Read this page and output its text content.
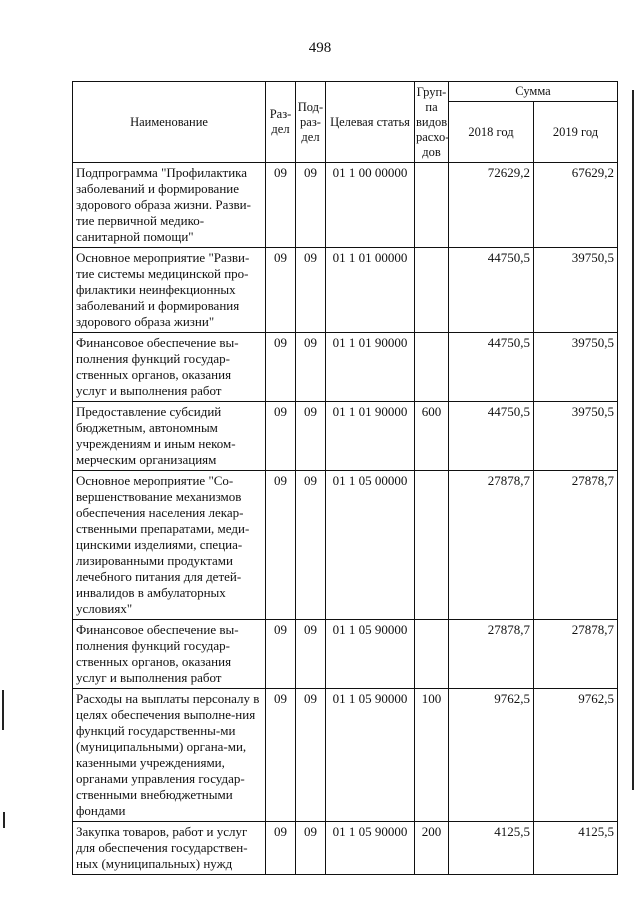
498
Наименование	Раз-дел	Под-раз-дел	Целевая статья	Груп-па видов расхо-дов	Сумма	
					2018 год	2019 год
Подпрограмма "Профилактика заболеваний и формирование здорового образа жизни. Разви-тие первичной медико-санитарной помощи"	09	09	01 1 00 00000		72629,2	67629,2
Основное мероприятие "Разви-тие системы медицинской про-филактики неинфекционных заболеваний и формирования здорового образа жизни"	09	09	01 1 01 00000		44750,5	39750,5
Финансовое обеспечение вы-полнения функций государ-ственных органов, оказания услуг и выполнения работ	09	09	01 1 01 90000		44750,5	39750,5
Предоставление субсидий бюджетным, автономным учреждениям и иным неком-мерческим организациям	09	09	01 1 01 90000	600	44750,5	39750,5
Основное мероприятие "Со-вершенствование механизмов обеспечения населения лекар-ственными препаратами, меди-цинскими изделиями, специа-лизированными продуктами лечебного питания для детей-инвалидов в амбулаторных условиях"	09	09	01 1 05 00000		27878,7	27878,7
Финансовое обеспечение вы-полнения функций государ-ственных органов, оказания услуг и выполнения работ	09	09	01 1 05 90000		27878,7	27878,7
Расходы на выплаты персоналу в целях обеспечения выполне-ния функций государственны-ми (муниципальными) органа-ми, казенными учреждениями, органами управления государ-ственными внебюджетными фондами	09	09	01 1 05 90000	100	9762,5	9762,5
Закупка товаров, работ и услуг для обеспечения государствен-ных (муниципальных) нужд	09	09	01 1 05 90000	200	4125,5	4125,5
